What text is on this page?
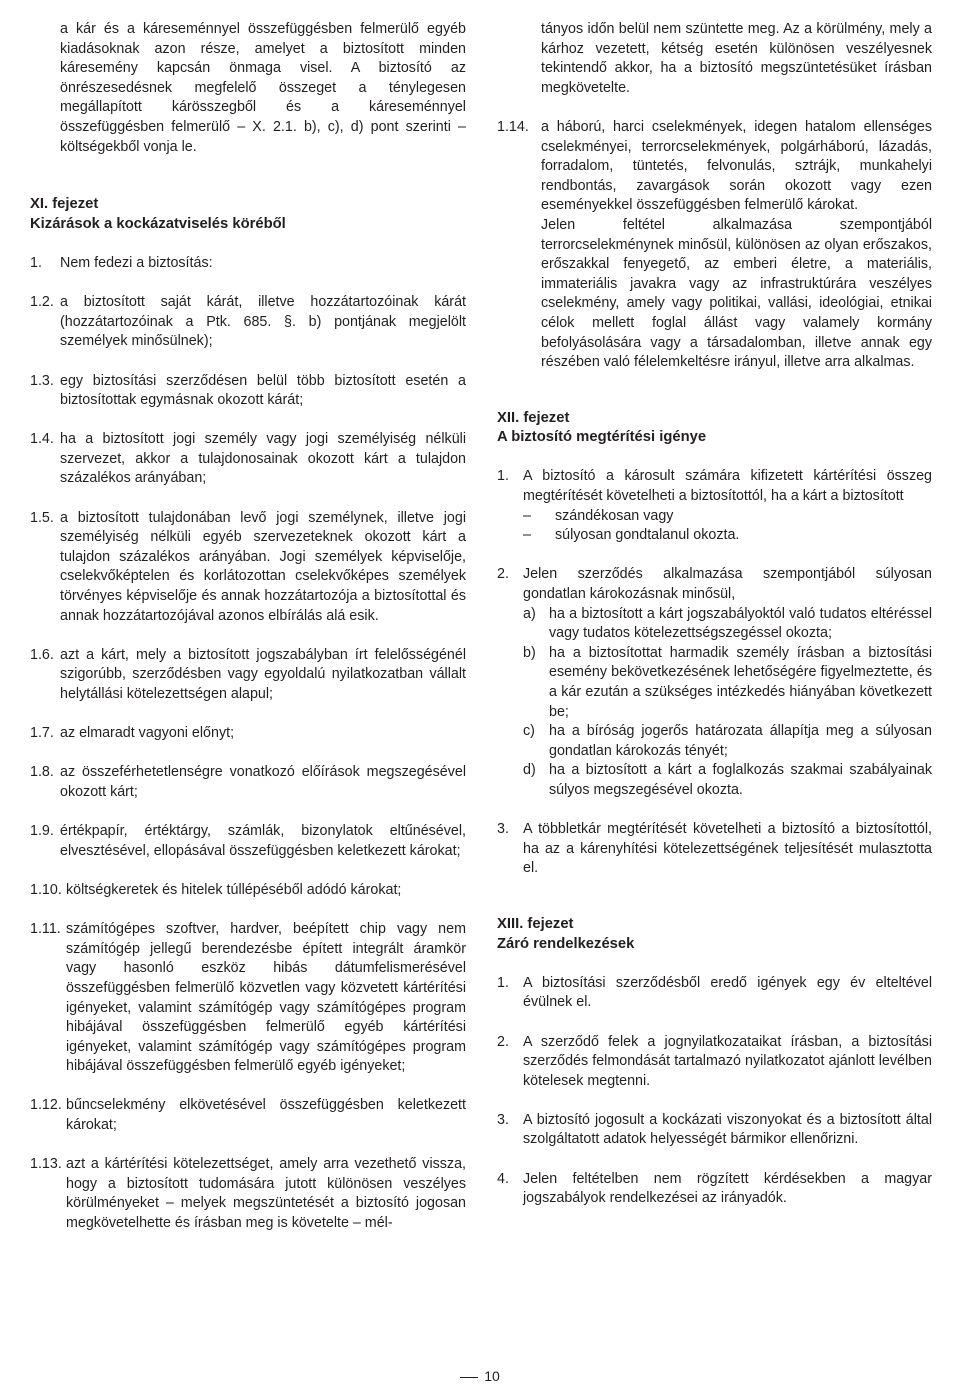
a kár és a káreseménnyel összefüggésben felmerülő egyéb kiadásoknak azon része, amelyet a biztosított minden káresemény kapcsán önmaga visel. A biztosító az önrészesedésnek megfelelő összeget a ténylegesen megállapított kárösszegből és a káreseménnyel összefüggésben felmerülő – X. 2.1. b), c), d) pont szerinti – költségekből vonja le.

XI. fejezet
Kizárások a kockázatviselés köréből
1.	Nem fedezi a biztosítás:
1.2. a biztosított saját kárát, illetve hozzátartozóinak kárát (hozzátartozóinak a Ptk. 685. §. b) pontjának megjelölt személyek minősülnek);
1.3. egy biztosítási szerződésen belül több biztosított esetén a biztosítottak egymásnak okozott kárát;
1.4. ha a biztosított jogi személy vagy jogi személyiség nélküli szervezet, akkor a tulajdonosainak okozott kárt a tulajdon százalékos arányában;
1.5. a biztosított tulajdonában levő jogi személynek, illetve jogi személyiség nélküli egyéb szervezeteknek okozott kárt a tulajdon százalékos arányában. Jogi személyek képviselője, cselekvőképtelen és korlátozottan cselekvőképes személyek törvényes képviselője és annak hozzátartozója a biztosítottal és annak hozzátartozójával azonos elbírálás alá esik.
1.6. azt a kárt, mely a biztosított jogszabályban írt felelősségénél szigorúbb, szerződésben vagy egyoldalú nyilatkozatban vállalt helytállási kötelezettségen alapul;
1.7. az elmaradt vagyoni előnyt;
1.8. az összeférhetetlenségre vonatkozó előírások megszegésével okozott kárt;
1.9. értékpapír, értéktárgy, számlák, bizonylatok eltűnésével, elvesztésével, ellopásával összefüggésben keletkezett károkat;
1.10. költségkeretek és hitelek túllépéséből adódó károkat;
1.11. számítógépes szoftver, hardver, beépített chip vagy nem számítógép jellegű berendezésbe épített integrált áramkör vagy hasonló eszköz hibás dátumfelismerésével összefüggésben felmerülő közvetlen vagy közvetett kártérítési igényeket, valamint számítógép vagy számítógépes program hibájával összefüggésben felmerülő egyéb kártérítési igényeket, valamint számítógép vagy számítógépes program hibájával összefüggésben felmerülő egyéb igényeket;
1.12. bűncselekmény elkövetésével összefüggésben keletkezett károkat;
1.13. azt a kártérítési kötelezettséget, amely arra vezethető vissza, hogy a biztosított tudomására jutott különösen veszélyes körülményeket – melyek megszüntetését a biztosító jogosan megkövetelhette és írásban meg is követelte – mél-

tányos időn belül nem szüntette meg. Az a körülmény, mely a kárhoz vezetett, kétség esetén különösen veszélyesnek tekintendő akkor, ha a biztosító megszüntetésüket írásban megkövetelte.

1.14. a háború, harci cselekmények, idegen hatalom ellenséges cselekményei, terrorcselekmények, polgárháború, lázadás, forradalom, tüntetés, felvonulás, sztrájk, munkahelyi rendbontás, zavargások során okozott vagy ezen eseményekkel összefüggésben felmerülő károkat.
Jelen feltétel alkalmazása szempontjából terrorcselekménynek minősül, különösen az olyan erőszakos, erőszakkal fenyegető, az emberi életre, a materiális, immateriális javakra vagy az infrastruktúrára veszélyes cselekmény, amely vagy politikai, vallási, ideológiai, etnikai célok mellett foglal állást vagy valamely kormány befolyásolására vagy a társadalomban, illetve annak egy részében való félelemkeltésre irányul, illetve arra alkalmas.
XII. fejezet
A biztosító megtérítési igénye
1. A biztosító a károsult számára kifizetett kártérítési összeg megtérítését követelheti a biztosítottól, ha a kárt a biztosított
–	szándékosan vagy
–	súlyosan gondtalanul okozta.
2. Jelen szerződés alkalmazása szempontjából súlyosan gondatlan károkozásnak minősül,
a) ha a biztosított a kárt jogszabályoktól való tudatos eltéréssel vagy tudatos kötelezettségszegéssel okozta;
b) ha a biztosítottat harmadik személy írásban a biztosítási esemény bekövetkezésének lehetőségére figyelmeztette, és a kár ezután a szükséges intézkedés hiányában következett be;
c) ha a bíróság jogerős határozata állapítja meg a súlyosan gondatlan károkozás tényét;
d) ha a biztosított a kárt a foglalkozás szakmai szabályainak súlyos megszegésével okozta.
3. A többletkár megtérítését követelheti a biztosító a biztosítottól, ha az a kárenyhítési kötelezettségének teljesítését mulasztotta el.
XIII. fejezet
Záró rendelkezések
1. A biztosítási szerződésből eredő igények egy év elteltével évülnek el.
2. A szerződő felek a jognyilatkozataikat írásban, a biztosítási szerződés felmondását tartalmazó nyilatkozatot ajánlott levélben kötelesek megtenni.
3. A biztosító jogosult a kockázati viszonyokat és a biztosított által szolgáltatott adatok helyességét bármikor ellenőrizni.
4. Jelen feltételben nem rögzített kérdésekben a magyar jogszabályok rendelkezései az irányadók.
10
